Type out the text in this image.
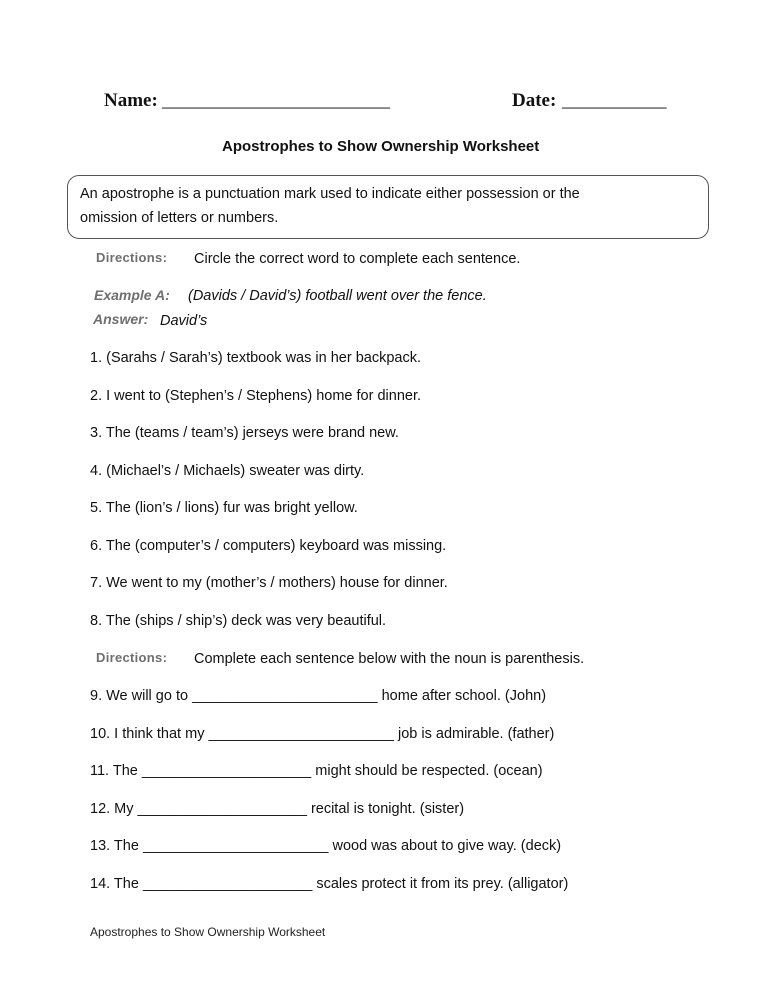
Name: ________________________	Date: ___________
Apostrophes to Show Ownership Worksheet
An apostrophe is a punctuation mark used to indicate either possession or the
omission of letters or numbers.
Directions: Circle the correct word to complete each sentence.
Example A: (Davids / David’s) football went over the fence.
Answer: David’s
1. (Sarahs / Sarah’s) textbook was in her backpack.
2. I went to (Stephen’s / Stephens) home for dinner.
3. The (teams / team’s) jerseys were brand new.
4. (Michael’s / Michaels) sweater was dirty.
5. The (lion’s / lions) fur was bright yellow.
6. The (computer’s / computers) keyboard was missing.
7. We went to my (mother’s / mothers) house for dinner.
8. The (ships / ship’s) deck was very beautiful.
Directions: Complete each sentence below with the noun is parenthesis.
9. We will go to _______________________ home after school. (John)
10. I think that my _______________________ job is admirable. (father)
11. The _____________________ might should be respected. (ocean)
12. My _____________________ recital is tonight. (sister)
13. The _______________________ wood was about to give way. (deck)
14. The _____________________ scales protect it from its prey. (alligator)
Apostrophes to Show Ownership Worksheet
